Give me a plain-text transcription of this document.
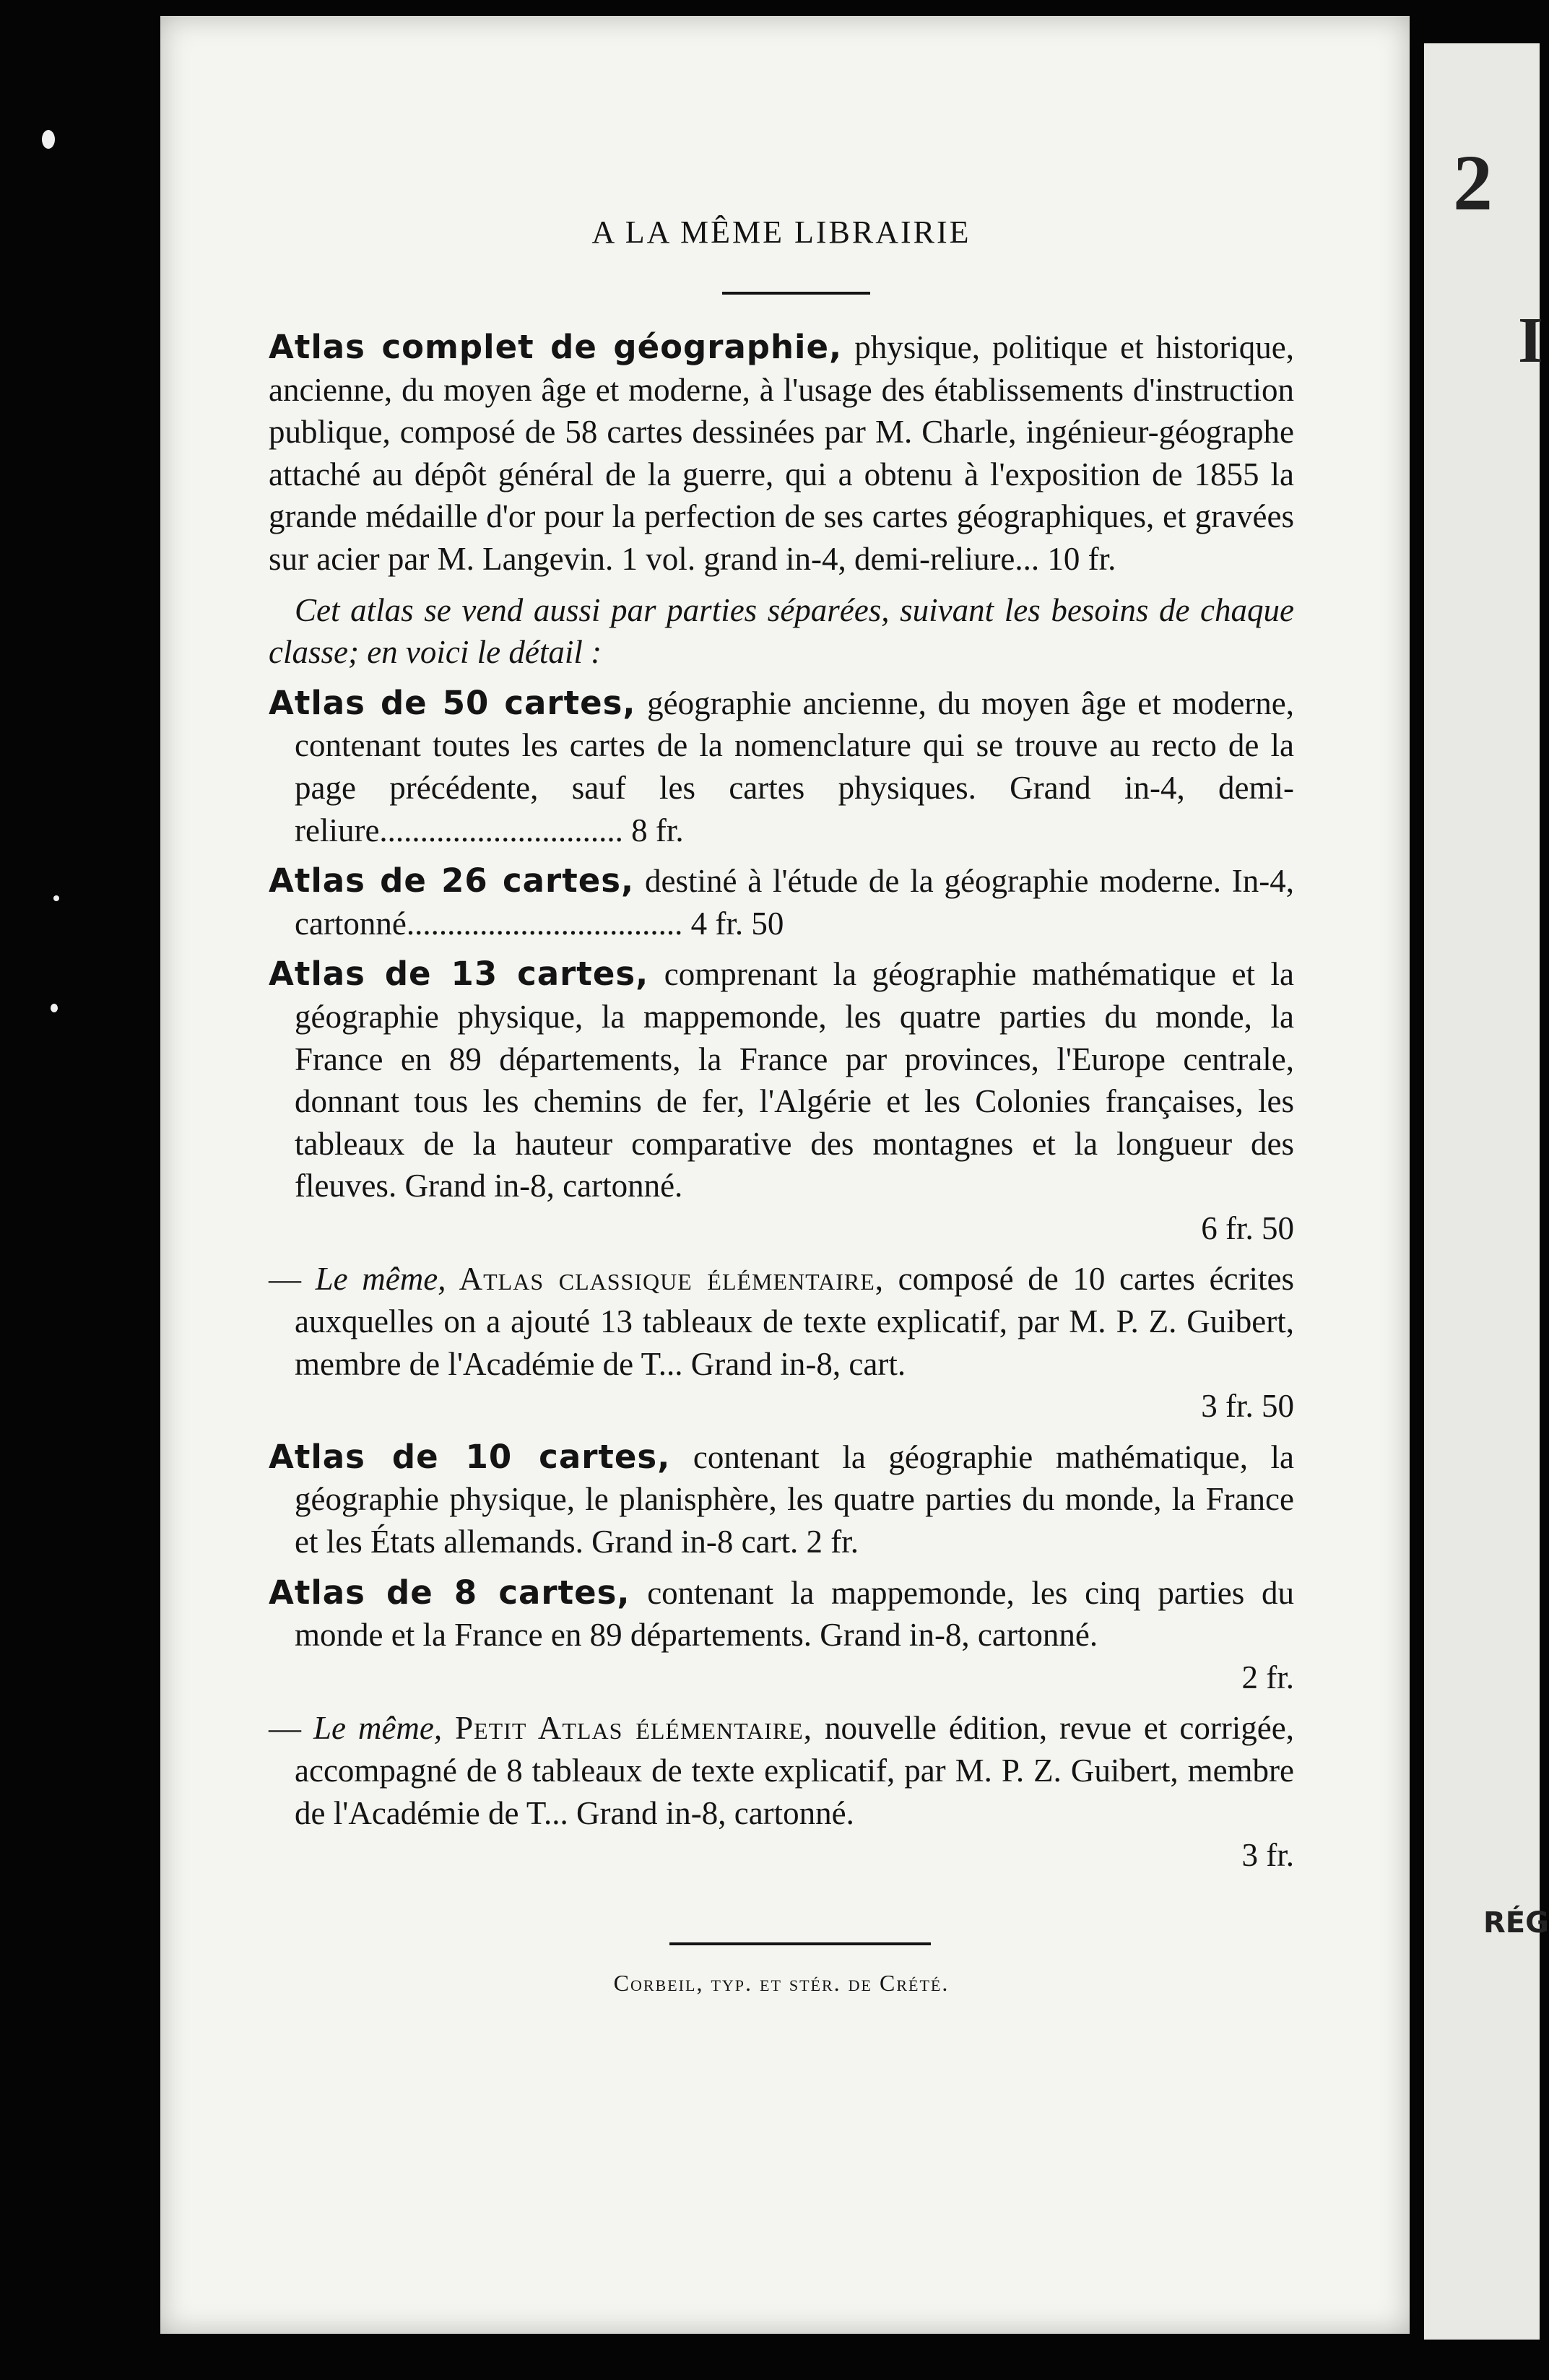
A LA MÊME LIBRAIRIE

Atlas complet de géographie, physique, politique et historique, ancienne, du moyen âge et moderne, à l'usage des établissements d'instruction publique, composé de 58 cartes dessinées par M. Charle, ingénieur-géographe attaché au dépôt général de la guerre, qui a obtenu à l'exposition de 1855 la grande médaille d'or pour la perfection de ses cartes géographiques, et gravées sur acier par M. Langevin. 1 vol. grand in-4, demi-reliure... 10 fr.

Cet atlas se vend aussi par parties séparées, suivant les besoins de chaque classe; en voici le détail :

Atlas de 50 cartes, géographie ancienne, du moyen âge et moderne, contenant toutes les cartes de la nomenclature qui se trouve au recto de la page précédente, sauf les cartes physiques. Grand in-4, demi-reliure.............................. 8 fr.

Atlas de 26 cartes, destiné à l'étude de la géographie moderne. In-4, cartonné.................................. 4 fr. 50

Atlas de 13 cartes, comprenant la géographie mathématique et la géographie physique, la mappemonde, les quatre parties du monde, la France en 89 départements, la France par provinces, l'Europe centrale, donnant tous les chemins de fer, l'Algérie et les Colonies françaises, les tableaux de la hauteur comparative des montagnes et la longueur des fleuves. Grand in-8, cartonné.
6 fr. 50

— Le même, Atlas classique élémentaire, composé de 10 cartes écrites auxquelles on a ajouté 13 tableaux de texte explicatif, par M. P. Z. Guibert, membre de l'Académie de T... Grand in-8, cart.
3 fr. 50

Atlas de 10 cartes, contenant la géographie mathématique, la géographie physique, le planisphère, les quatre parties du monde, la France et les États allemands. Grand in-8 cart. 2 fr.

Atlas de 8 cartes, contenant la mappemonde, les cinq parties du monde et la France en 89 départements. Grand in-8, cartonné.
2 fr.

— Le même, Petit Atlas élémentaire, nouvelle édition, revue et corrigée, accompagné de 8 tableaux de texte explicatif, par M. P. Z. Guibert, membre de l'Académie de T... Grand in-8, cartonné.
3 fr.

Corbeil, typ. et stér. de Crété.
2
I
RÉG
